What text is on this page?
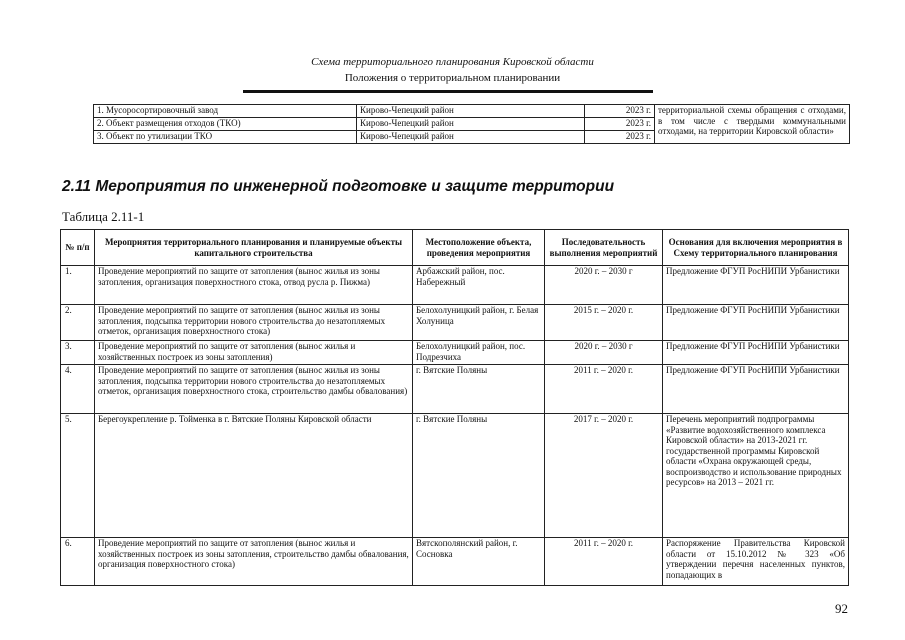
Схема территориального планирования Кировской области
Положения о территориальном планировании
1. Мусоросортировочный завод	Кирово-Чепецкий район	2023 г.	территориальной схемы обращения с отходами, в том числе с твердыми коммунальными отходами, на территории Кировской области»
2. Объект размещения отходов (ТКО)	Кирово-Чепецкий район	2023 г.	
3. Объект по утилизации ТКО	Кирово-Чепецкий район	2023 г.	
2.11 Мероприятия по инженерной подготовке и защите территории
Таблица 2.11-1
№ п/п	Мероприятия территориального планирования и планируемые объекты капитального строительства	Местоположение объекта, проведения мероприятия	Последовательность выполнения мероприятий	Основания для включения мероприятия в Схему территориального планирования
1.	Проведение мероприятий по защите от затопления (вынос жилья из зоны затопления, организация поверхностного стока, отвод русла р. Пижма)	Арбажский район, пос. Набережный	2020 г. – 2030 г	Предложение ФГУП РосНИПИ Урбанистики
2.	Проведение мероприятий по защите от затопления (вынос жилья из зоны затопления, подсыпка территории нового строительства до незатопляемых отметок, организация поверхностного стока)	Белохолуницкий район, г. Белая Холуница	2015 г. – 2020 г.	Предложение ФГУП РосНИПИ Урбанистики
3.	Проведение мероприятий по защите от затопления (вынос жилья и хозяйственных построек из зоны затопления)	Белохолуницкий район, пос. Подрезчиха	2020 г. – 2030 г	Предложение ФГУП РосНИПИ Урбанистики
4.	Проведение мероприятий по защите от затопления (вынос жилья из зоны затопления, подсыпка территории нового строительства до незатопляемых отметок, организация поверхностного стока, строительство дамбы обвалования)	г. Вятские Поляны	2011 г. – 2020 г.	Предложение ФГУП РосНИПИ Урбанистики
5.	Берегоукрепление р. Тойменка в г. Вятские Поляны Кировской области	г. Вятские Поляны	2017 г. – 2020 г.	Перечень мероприятий подпрограммы «Развитие водохозяйственного комплекса Кировской области» на 2013-2021 гг. государственной программы Кировской области «Охрана окружающей среды, воспроизводство и использование природных ресурсов» на 2013 – 2021 гг.
6.	Проведение мероприятий по защите от затопления (вынос жилья и хозяйственных построек из зоны затопления, строительство дамбы обвалования, организация поверхностного стока)	Вятскополянский район, г. Сосновка	2011 г. – 2020 г.	Распоряжение Правительства Кировской области от 15.10.2012 № 323 «Об утверждении перечня населенных пунктов, попадающих в
92
